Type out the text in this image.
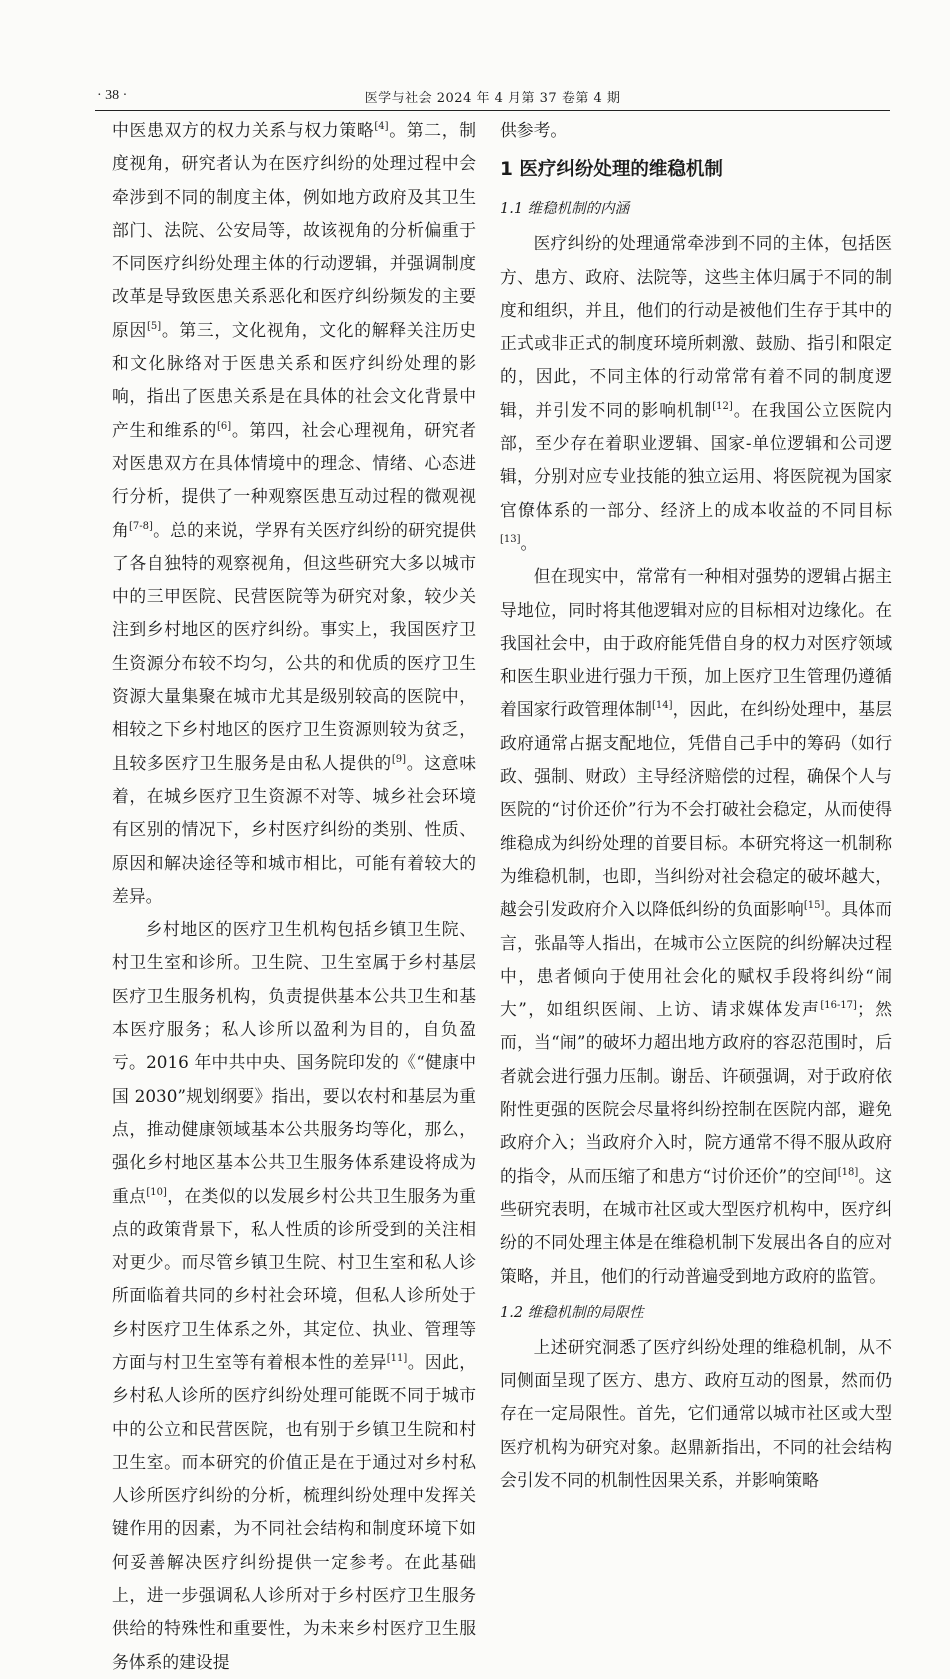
· 38 ·	医学与社会 2024 年 4 月第 37 卷第 4 期

中医患双方的权力关系与权力策略[4]。第二，制度视角，研究者认为在医疗纠纷的处理过程中会牵涉到不同的制度主体，例如地方政府及其卫生部门、法院、公安局等，故该视角的分析偏重于不同医疗纠纷处理主体的行动逻辑，并强调制度改革是导致医患关系恶化和医疗纠纷频发的主要原因[5]。第三，文化视角，文化的解释关注历史和文化脉络对于医患关系和医疗纠纷处理的影响，指出了医患关系是在具体的社会文化背景中产生和维系的[6]。第四，社会心理视角，研究者对医患双方在具体情境中的理念、情绪、心态进行分析，提供了一种观察医患互动过程的微观视角[7-8]。总的来说，学界有关医疗纠纷的研究提供了各自独特的观察视角，但这些研究大多以城市中的三甲医院、民营医院等为研究对象，较少关注到乡村地区的医疗纠纷。事实上，我国医疗卫生资源分布较不均匀，公共的和优质的医疗卫生资源大量集聚在城市尤其是级别较高的医院中，相较之下乡村地区的医疗卫生资源则较为贫乏，且较多医疗卫生服务是由私人提供的[9]。这意味着，在城乡医疗卫生资源不对等、城乡社会环境有区别的情况下，乡村医疗纠纷的类别、性质、原因和解决途径等和城市相比，可能有着较大的差异。

乡村地区的医疗卫生机构包括乡镇卫生院、村卫生室和诊所。卫生院、卫生室属于乡村基层医疗卫生服务机构，负责提供基本公共卫生和基本医疗服务；私人诊所以盈利为目的，自负盈亏。2016 年中共中央、国务院印发的《“健康中国 2030”规划纲要》指出，要以农村和基层为重点，推动健康领域基本公共服务均等化，那么，强化乡村地区基本公共卫生服务体系建设将成为重点[10]，在类似的以发展乡村公共卫生服务为重点的政策背景下，私人性质的诊所受到的关注相对更少。而尽管乡镇卫生院、村卫生室和私人诊所面临着共同的乡村社会环境，但私人诊所处于乡村医疗卫生体系之外，其定位、执业、管理等方面与村卫生室等有着根本性的差异[11]。因此，乡村私人诊所的医疗纠纷处理可能既不同于城市中的公立和民营医院，也有别于乡镇卫生院和村卫生室。而本研究的价值正是在于通过对乡村私人诊所医疗纠纷的分析，梳理纠纷处理中发挥关键作用的因素，为不同社会结构和制度环境下如何妥善解决医疗纠纷提供一定参考。在此基础上，进一步强调私人诊所对于乡村医疗卫生服务供给的特殊性和重要性，为未来乡村医疗卫生服务体系的建设提

供参考。

1 医疗纠纷处理的维稳机制
1.1 维稳机制的内涵

医疗纠纷的处理通常牵涉到不同的主体，包括医方、患方、政府、法院等，这些主体归属于不同的制度和组织，并且，他们的行动是被他们生存于其中的正式或非正式的制度环境所刺激、鼓励、指引和限定的，因此，不同主体的行动常常有着不同的制度逻辑，并引发不同的影响机制[12]。在我国公立医院内部，至少存在着职业逻辑、国家-单位逻辑和公司逻辑，分别对应专业技能的独立运用、将医院视为国家官僚体系的一部分、经济上的成本收益的不同目标[13]。

但在现实中，常常有一种相对强势的逻辑占据主导地位，同时将其他逻辑对应的目标相对边缘化。在我国社会中，由于政府能凭借自身的权力对医疗领域和医生职业进行强力干预，加上医疗卫生管理仍遵循着国家行政管理体制[14]，因此，在纠纷处理中，基层政府通常占据支配地位，凭借自己手中的筹码（如行政、强制、财政）主导经济赔偿的过程，确保个人与医院的“讨价还价”行为不会打破社会稳定，从而使得维稳成为纠纷处理的首要目标。本研究将这一机制称为维稳机制，也即，当纠纷对社会稳定的破坏越大，越会引发政府介入以降低纠纷的负面影响[15]。具体而言，张晶等人指出，在城市公立医院的纠纷解决过程中，患者倾向于使用社会化的赋权手段将纠纷“闹大”，如组织医闹、上访、请求媒体发声[16-17]；然而，当“闹”的破坏力超出地方政府的容忍范围时，后者就会进行强力压制。谢岳、许硕强调，对于政府依附性更强的医院会尽量将纠纷控制在医院内部，避免政府介入；当政府介入时，院方通常不得不服从政府的指令，从而压缩了和患方“讨价还价”的空间[18]。这些研究表明，在城市社区或大型医疗机构中，医疗纠纷的不同处理主体是在维稳机制下发展出各自的应对策略，并且，他们的行动普遍受到地方政府的监管。

1.2 维稳机制的局限性

上述研究洞悉了医疗纠纷处理的维稳机制，从不同侧面呈现了医方、患方、政府互动的图景，然而仍存在一定局限性。首先，它们通常以城市社区或大型医疗机构为研究对象。赵鼎新指出，不同的社会结构会引发不同的机制性因果关系，并影响策略
